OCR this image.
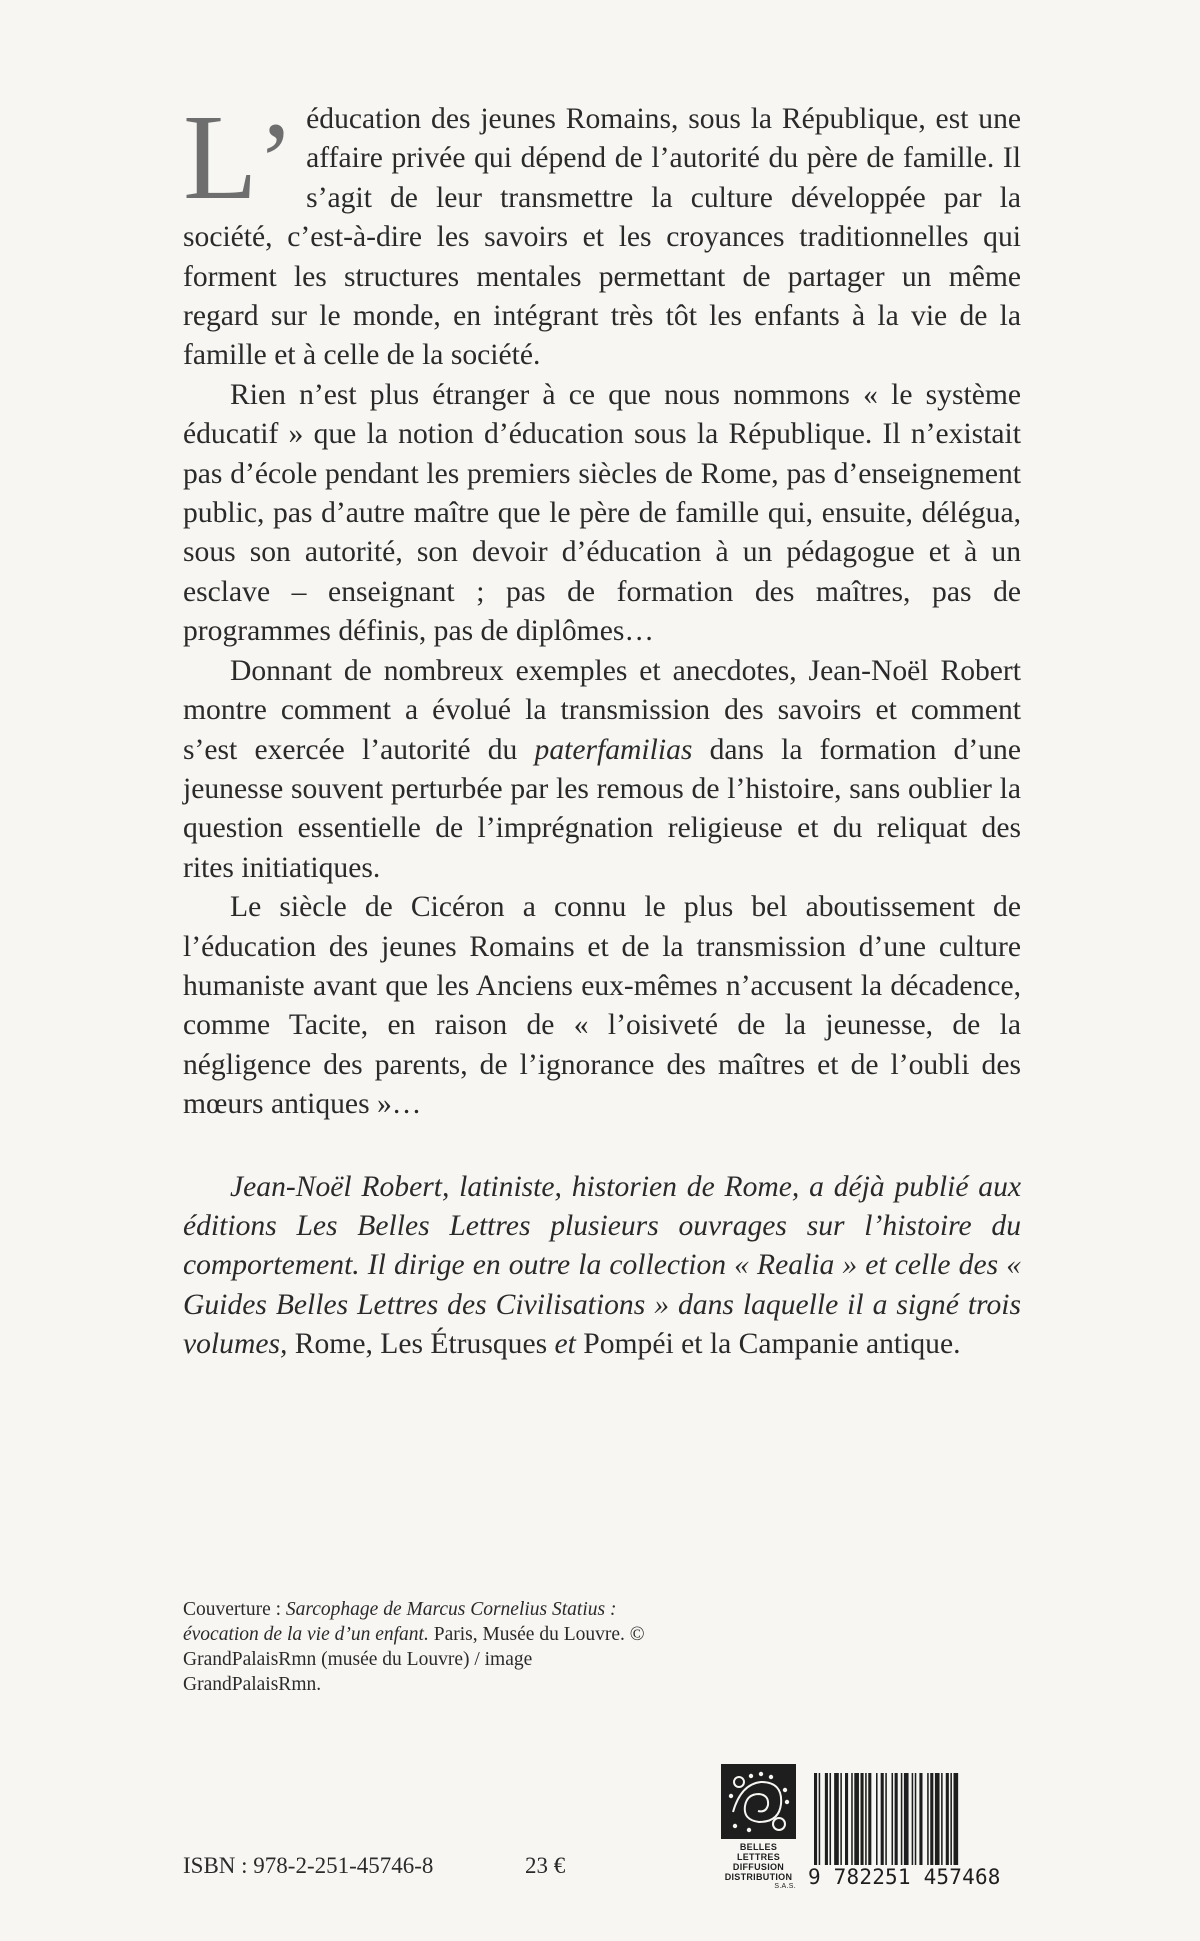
L’ éducation des jeunes Romains, sous la République, est une affaire privée qui dépend de l’autorité du père de famille. Il s’agit de leur transmettre la culture développée par la société, c’est-à-dire les savoirs et les croyances traditionnelles qui forment les structures mentales permettant de partager un même regard sur le monde, en intégrant très tôt les enfants à la vie de la famille et à celle de la société.

Rien n’est plus étranger à ce que nous nommons « le système éducatif » que la notion d’éducation sous la République. Il n’existait pas d’école pendant les premiers siècles de Rome, pas d’enseignement public, pas d’autre maître que le père de famille qui, ensuite, délégua, sous son autorité, son devoir d’éducation à un pédagogue et à un esclave – enseignant ; pas de formation des maîtres, pas de programmes définis, pas de diplômes…

Donnant de nombreux exemples et anecdotes, Jean-Noël Robert montre comment a évolué la transmission des savoirs et comment s’est exercée l’autorité du paterfamilias dans la formation d’une jeunesse souvent perturbée par les remous de l’histoire, sans oublier la question essentielle de l’imprégnation religieuse et du reliquat des rites initiatiques.

Le siècle de Cicéron a connu le plus bel aboutissement de l’éducation des jeunes Romains et de la transmission d’une culture humaniste avant que les Anciens eux-mêmes n’accusent la décadence, comme Tacite, en raison de « l’oisiveté de la jeunesse, de la négligence des parents, de l’ignorance des maîtres et de l’oubli des mœurs antiques »…

Jean-Noël Robert, latiniste, historien de Rome, a déjà publié aux éditions Les Belles Lettres plusieurs ouvrages sur l’histoire du comportement. Il dirige en outre la collection « Realia » et celle des « Guides Belles Lettres des Civilisations » dans laquelle il a signé trois volumes, Rome, Les Étrusques et Pompéi et la Campanie antique.

Couverture : Sarcophage de Marcus Cornelius Statius : évocation de la vie d’un enfant. Paris, Musée du Louvre. © GrandPalaisRmn (musée du Louvre) / image GrandPalaisRmn.

ISBN : 978-2-251-45746-8	23 €
BELLES LETTRES
DIFFUSION
DISTRIBUTION
S.A.S. 9 782251 457468
